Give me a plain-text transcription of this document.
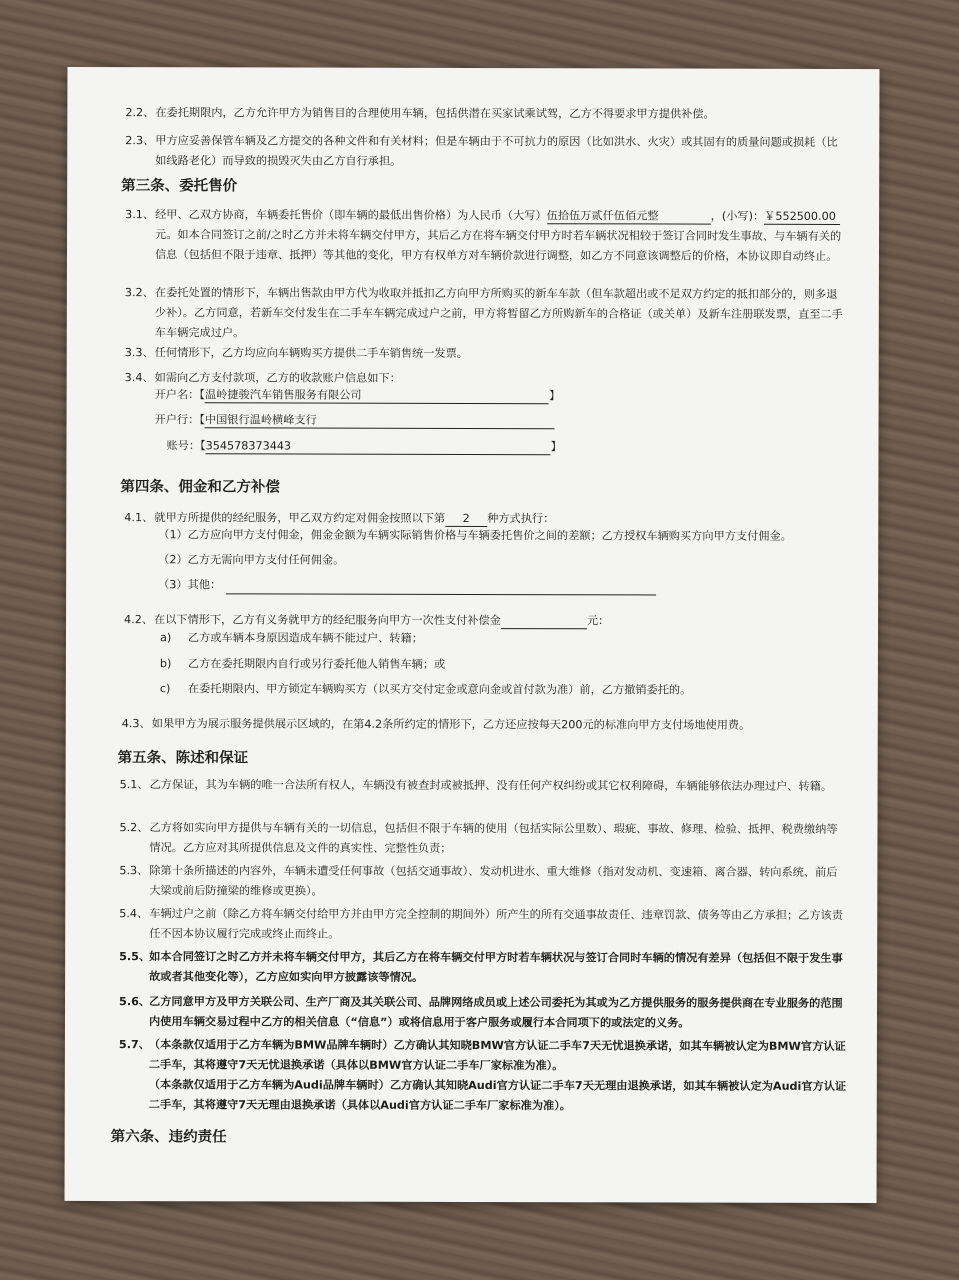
2.2、 在委托期限内，乙方允许甲方为销售目的合理使用车辆，包括供潜在买家试乘试驾，乙方不得要求甲方提供补偿。
2.3、 甲方应妥善保管车辆及乙方提交的各种文件和有关材料；但是车辆由于不可抗力的原因（比如洪水、火灾）或其固有的质量问题或损耗（比如线路老化）而导致的损毁灭失由乙方自行承担。
第三条、委托售价
3.1、 经甲、乙双方协商，车辆委托售价（即车辆的最低出售价格）为人民币（大写）伍拾伍万贰仟伍佰元整	，(小写)：￥552500.00元。如本合同签订之前/之时乙方并未将车辆交付甲方，其后乙方在将车辆交付甲方时若车辆状况相较于签订合同时发生事故、与车辆有关的信息（包括但不限于违章、抵押）等其他的变化，甲方有权单方对车辆价款进行调整，如乙方不同意该调整后的价格，本协议即自动终止。
3.2、 在委托处置的情形下，车辆出售款由甲方代为收取并抵扣乙方向甲方所购买的新车车款（但车款超出或不足双方约定的抵扣部分的，则多退少补）。乙方同意，若新车交付发生在二手车车辆完成过户之前，甲方将暂留乙方所购新车的合格证（或关单）及新车注册联发票，直至二手车车辆完成过户。
3.3、 任何情形下，乙方均应向车辆购买方提供二手车销售统一发票。
3.4、 如需向乙方支付款项，乙方的收款账户信息如下：
开户名：【温岭捷骏汽车销售服务有限公司	】
开户行：【中国银行温岭横峰支行
账号：【354578373443	】
第四条、佣金和乙方补偿
4.1、 就甲方所提供的经纪服务，甲乙双方约定对佣金按照以下第 2 种方式执行：
（1）乙方应向甲方支付佣金，佣金金额为车辆实际销售价格与车辆委托售价之间的差额；乙方授权车辆购买方向甲方支付佣金。
（2）乙方无需向甲方支付任何佣金。
（3）其他：
4.2、 在以下情形下，乙方有义务就甲方的经纪服务向甲方一次性支付补偿金	元：
a)	乙方或车辆本身原因造成车辆不能过户、转籍；
b)	乙方在委托期限内自行或另行委托他人销售车辆；或
c)	在委托期限内、甲方锁定车辆购买方（以买方交付定金或意向金或首付款为准）前，乙方撤销委托的。
4.3、 如果甲方为展示服务提供展示区域的，在第4.2条所约定的情形下，乙方还应按每天200元的标准向甲方支付场地使用费。
第五条、陈述和保证
5.1、 乙方保证，其为车辆的唯一合法所有权人，车辆没有被查封或被抵押、没有任何产权纠纷或其它权利障碍，车辆能够依法办理过户、转籍。
5.2、 乙方将如实向甲方提供与车辆有关的一切信息，包括但不限于车辆的使用（包括实际公里数）、瑕疵、事故、修理、检验、抵押、税费缴纳等情况。乙方应对其所提供信息及文件的真实性、完整性负责；
5.3、 除第十条所描述的内容外，车辆未遭受任何事故（包括交通事故）、发动机进水、重大维修（指对发动机、变速箱、离合器、转向系统、前后大梁或前后防撞梁的维修或更换）。
5.4、 车辆过户之前（除乙方将车辆交付给甲方并由甲方完全控制的期间外）所产生的所有交通事故责任、违章罚款、债务等由乙方承担；乙方该责任不因本协议履行完成或终止而终止。
5.5、
如本合同签订之时乙方并未将车辆交付甲方，其后乙方在将车辆交付甲方时若车辆状况与签订合同时车辆的情况有差异（包括但不限于发生事故或者其他变化等），乙方应如实向甲方披露该等情况。
5.6、
乙方同意甲方及甲方关联公司、生产厂商及其关联公司、品牌网络成员或上述公司委托为其或为乙方提供服务的服务提供商在专业服务的范围内使用车辆交易过程中乙方的相关信息（“信息”）或将信息用于客户服务或履行本合同项下的或法定的义务。
5.7、
（本条款仅适用于乙方车辆为BMW品牌车辆时）乙方确认其知晓BMW官方认证二手车7天无忧退换承诺，如其车辆被认定为BMW官方认证二手车，其将遵守7天无忧退换承诺（具体以BMW官方认证二手车厂家标准为准）。
（本条款仅适用于乙方车辆为Audi品牌车辆时）乙方确认其知晓Audi官方认证二手车7天无理由退换承诺，如其车辆被认定为Audi官方认证二手车，其将遵守7天无理由退换承诺（具体以Audi官方认证二手车厂家标准为准）。
第六条、违约责任
